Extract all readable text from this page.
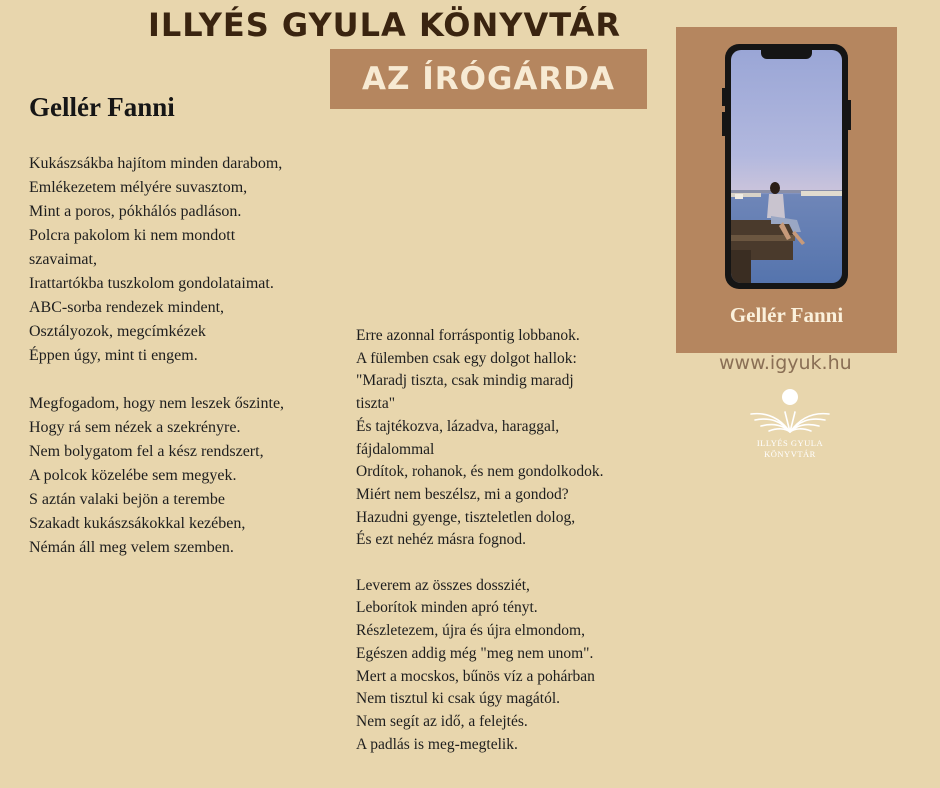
ILLYÉS GYULA KÖNYVTÁR
AZ ÍRÓGÁRDA
Gellér Fanni
Kukászsákba hajítom minden darabom,
Emlékezetem mélyére suvasztom,
Mint a poros, pókhálós padláson.
Polcra pakolom ki nem mondott
szavaimat,
Irattartókba tuszkolom gondolataimat.
ABC-sorba rendezek mindent,
Osztályozok, megcímkézek
Éppen úgy, mint ti engem.
Megfogadom, hogy nem leszek őszinte,
Hogy rá sem nézek a szekrényre.
Nem bolygatom fel a kész rendszert,
A polcok közelébe sem megyek.
S aztán valaki bejön a terembe
Szakadt kukászsákokkal kezében,
Némán áll meg velem szemben.
Erre azonnal forráspontig lobbanok.
A fülemben csak egy dolgot hallok:
"Maradj tiszta, csak mindig maradj
tiszta"
És tajtékozva, lázadva, haraggal,
fájdalommal
Ordítok, rohanok, és nem gondolkodok.
Miért nem beszélsz, mi a gondod?
Hazudni gyenge, tiszteletlen dolog,
És ezt nehéz másra fognod.
Leverem az összes dossziét,
Leborítok minden apró tényt.
Részletezem, újra és újra elmondom,
Egészen addig még "meg nem unom".
Mert a mocskos, bűnös víz a pohárban
Nem tisztul ki csak úgy magától.
Nem segít az idő, a felejtés.
A padlás is meg-megtelik.
Gellér Fanni
www.igyuk.hu
ILLYÉS GYULA
KÖNYVTÁR
